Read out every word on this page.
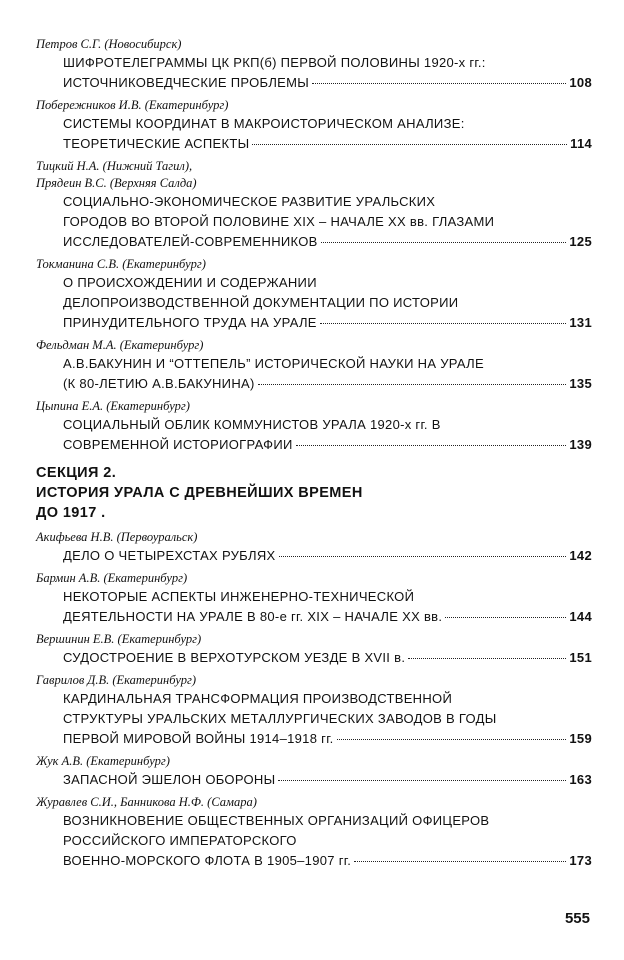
Петров С.Г. (Новосибирск)
ШИФРОТЕЛЕГРАММЫ ЦК РКП(б) ПЕРВОЙ ПОЛОВИНЫ 1920-х гг.:
ИСТОЧНИКОВЕДЧЕСКИЕ ПРОБЛЕМЫ	108
Побережников И.В. (Екатеринбург)
СИСТЕМЫ КООРДИНАТ В МАКРОИСТОРИЧЕСКОМ АНАЛИЗЕ:
ТЕОРЕТИЧЕСКИЕ АСПЕКТЫ	114
Тицкий Н.А. (Нижний Тагил),
Прядеин В.С. (Верхняя Салда)
СОЦИАЛЬНО-ЭКОНОМИЧЕСКОЕ РАЗВИТИЕ УРАЛЬСКИХ
ГОРОДОВ ВО ВТОРОЙ ПОЛОВИНЕ XIX – НАЧАЛЕ XX вв. ГЛАЗАМИ
ИССЛЕДОВАТЕЛЕЙ-СОВРЕМЕННИКОВ	125
Токманина С.В. (Екатеринбург)
О ПРОИСХОЖДЕНИИ И СОДЕРЖАНИИ
ДЕЛОПРОИЗВОДСТВЕННОЙ ДОКУМЕНТАЦИИ ПО ИСТОРИИ
ПРИНУДИТЕЛЬНОГО ТРУДА НА УРАЛЕ	131
Фельдман М.А. (Екатеринбург)
А.В.БАКУНИН И “ОТТЕПЕЛЬ” ИСТОРИЧЕСКОЙ НАУКИ НА УРАЛЕ
(К 80-ЛЕТИЮ А.В.БАКУНИНА)	135
Цыпина Е.А. (Екатеринбург)
СОЦИАЛЬНЫЙ ОБЛИК КОММУНИСТОВ УРАЛА 1920-х гг. В
СОВРЕМЕННОЙ ИСТОРИОГРАФИИ	139
СЕКЦИЯ 2.
ИСТОРИЯ УРАЛА С ДРЕВНЕЙШИХ ВРЕМЕН
ДО 1917 .
Акифьева Н.В. (Первоуральск)
ДЕЛО О ЧЕТЫРЕХСТАХ РУБЛЯХ	142
Бармин А.В. (Екатеринбург)
НЕКОТОРЫЕ АСПЕКТЫ ИНЖЕНЕРНО-ТЕХНИЧЕСКОЙ
ДЕЯТЕЛЬНОСТИ НА УРАЛЕ В 80-е гг. XIX – НАЧАЛЕ XX вв.	144
Вершинин Е.В. (Екатеринбург)
СУДОСТРОЕНИЕ В ВЕРХОТУРСКОМ УЕЗДЕ В XVII в.	151
Гаврилов Д.В. (Екатеринбург)
КАРДИНАЛЬНАЯ ТРАНСФОРМАЦИЯ ПРОИЗВОДСТВЕННОЙ
СТРУКТУРЫ УРАЛЬСКИХ МЕТАЛЛУРГИЧЕСКИХ ЗАВОДОВ В ГОДЫ
ПЕРВОЙ МИРОВОЙ ВОЙНЫ 1914–1918 гг.	159
Жук А.В. (Екатеринбург)
ЗАПАСНОЙ ЭШЕЛОН ОБОРОНЫ	163
Журавлев С.И., Банникова Н.Ф. (Самара)
ВОЗНИКНОВЕНИЕ ОБЩЕСТВЕННЫХ ОРГАНИЗАЦИЙ ОФИЦЕРОВ
РОССИЙСКОГО ИМПЕРАТОРСКОГО
ВОЕННО-МОРСКОГО ФЛОТА В 1905–1907 гг.	173
555
